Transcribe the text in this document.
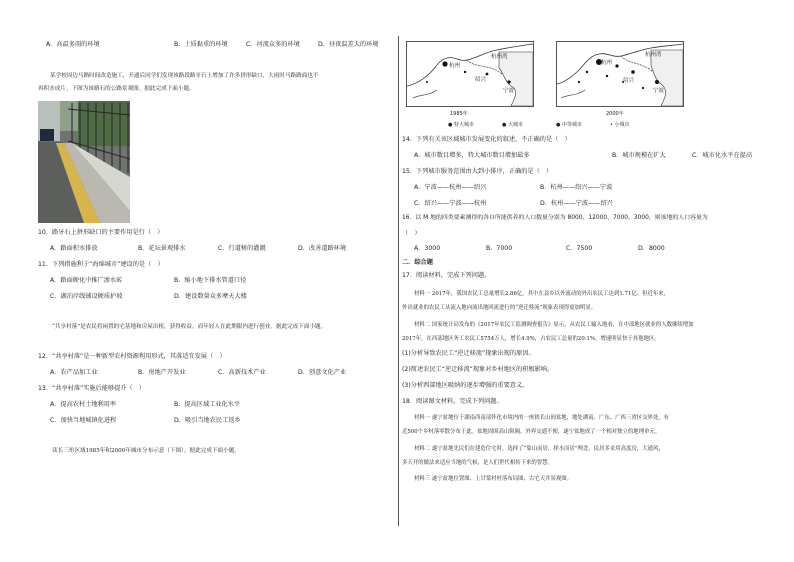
A．高温多雨的环境	B．土质黏重的环境	C．河流众多的环境	D．昼夜温差大的环境
某学校周边马路时间改造施工，开通后同学们发现该路段路牙石上增加了许多拼形缺口，大雨时马路路面也不
再积水成片。下图为该路石的公路景观图。据此完成下面小题。
10．路牙石上拼形缺口的主要作用是行（　）
A．路面积水排放	B．花坛景观排水	C．行道树的灌溉	D．改善道路环境
11．下列措施利于“海绵城市”建设的是（　）
A．路面硬化中推广渗水砖	B．缩小地下排水管道口径
C．湖泊岸线铺设硬质护坡	D．建设数量众多摩天大楼
“共享村落”是农民将闲置的宅基地和房屋出租，获得收益，而年轻人在此期限内进行创业。据此完成下面小题。
12．“共享村落”是一种新型农村资源利用形式，其落适宜发展（　）
A．农产品加工业	B．房地产开发业	C．高新技术产业	D．创意文化产业
13．“共享村落”实施后能够提升（　）
A．提高农村土地利用率	B．提高区域工业化水平
C．加快当地城镇化进程	D．吸引当地农民工返乡
读长三角区域1985年和2000年城市分布示意（下图），据此完成下面小题。
杭州
杭州湾
绍兴
宁波
1985年
杭州
杭州湾
绍兴
宁波
2000年
● 特大城市	● 大城市	● 中等城市	• 小城市
14．下列有关该区域城市发展变化的叙述，不正确的是（　）
A．城市数目增多，特大城市数目增加最多	B．城市规模在扩大	C．城市化水平在提高
15．下列城市服务范围由大到小排序，正确的是（　）
A．宁波——杭州——绍兴	B．杭州——绍兴——宁波
C．绍兴——宁波——杭州	D．杭州——宁波——绍兴
16．以 M 地的四类要素测得的各自所能供养的人口数量分别为 8000、12000、7000、3000，则该地的人口容量为
（　）
A．3000	B．7000	C．7500	D．8000
二．综合题
17．阅读材料，完成下列问题。
材料一 2017年，我国农民工总量增长2.86亿，其中在县乡以外流动的外出农民工达到1.71亿。但近年来，
外出就业的农民工从流入地向流出地回流进行的“逆迁移流”现象表现得更加明显。
材料二 国家统计局发布的《2017年农民工监测调查报告》显示，从农民工输入地看，在中部地区就业的人数继续增加
2017年，在西部地区务工农民工5754万人，增长4.9%，占农民工总量的20.1%，增速明显快于其他地区。
(1)分析导致农民工“逆迁移流”现象出现的原因。
(2)简述农民工“逆迁移流”现象对乡村地区的积极影响。
(3)分析西部地区吸纳的逐步增强的重要意义。
18．阅读图文材料，完成下列问题。
材料一 遂宁盆地位于湖南西南部怀化市境内的一座狭长山间盆地，地处湖南、广东、广西三省区交界处，有
近500个乡村落零散分布于此。盆地周围高山阻隔，外界交通不便，遂宁盆地成了一个相对独立的地理单元。
材料二 遂宁盆地先民们在建造住宅时，选择了“靠山而居，择水而居”理念，民居多采用高度房，大通风，
多天井的做法来适应当地的气候，是人们世代相传下来的智慧。
材料三 遂宁盆地位置图、上甘棠村村落布局图、古宅天井景观图。
